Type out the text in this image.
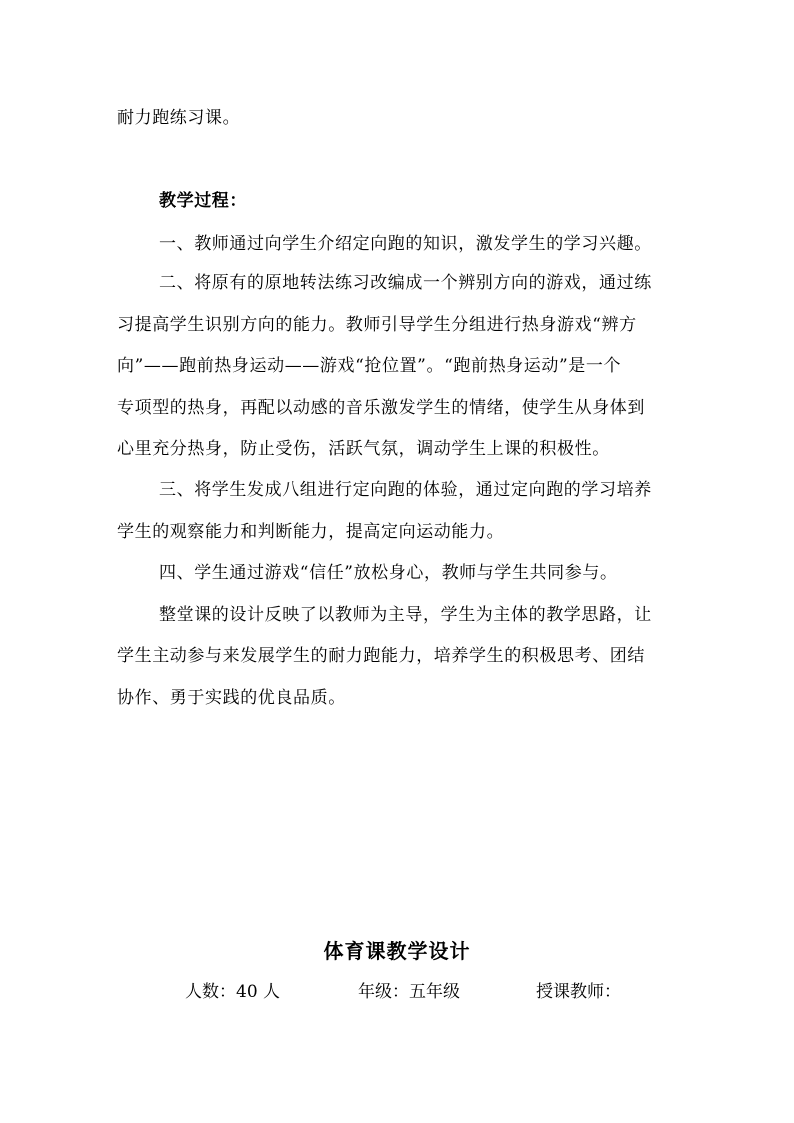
耐力跑练习课。
教学过程：
一、教师通过向学生介绍定向跑的知识，激发学生的学习兴趣。
二、将原有的原地转法练习改编成一个辨别方向的游戏，通过练
习提高学生识别方向的能力。教师引导学生分组进行热身游戏“辨方
向”——跑前热身运动——游戏“抢位置”。“跑前热身运动”是一个
专项型的热身，再配以动感的音乐激发学生的情绪，使学生从身体到
心里充分热身，防止受伤，活跃气氛，调动学生上课的积极性。
三、将学生发成八组进行定向跑的体验，通过定向跑的学习培养
学生的观察能力和判断能力，提高定向运动能力。
四、学生通过游戏“信任”放松身心，教师与学生共同参与。
整堂课的设计反映了以教师为主导，学生为主体的教学思路，让
学生主动参与来发展学生的耐力跑能力，培养学生的积极思考、团结
协作、勇于实践的优良品质。
体育课教学设计
人数：40 人	年级：五年级	授课教师：
